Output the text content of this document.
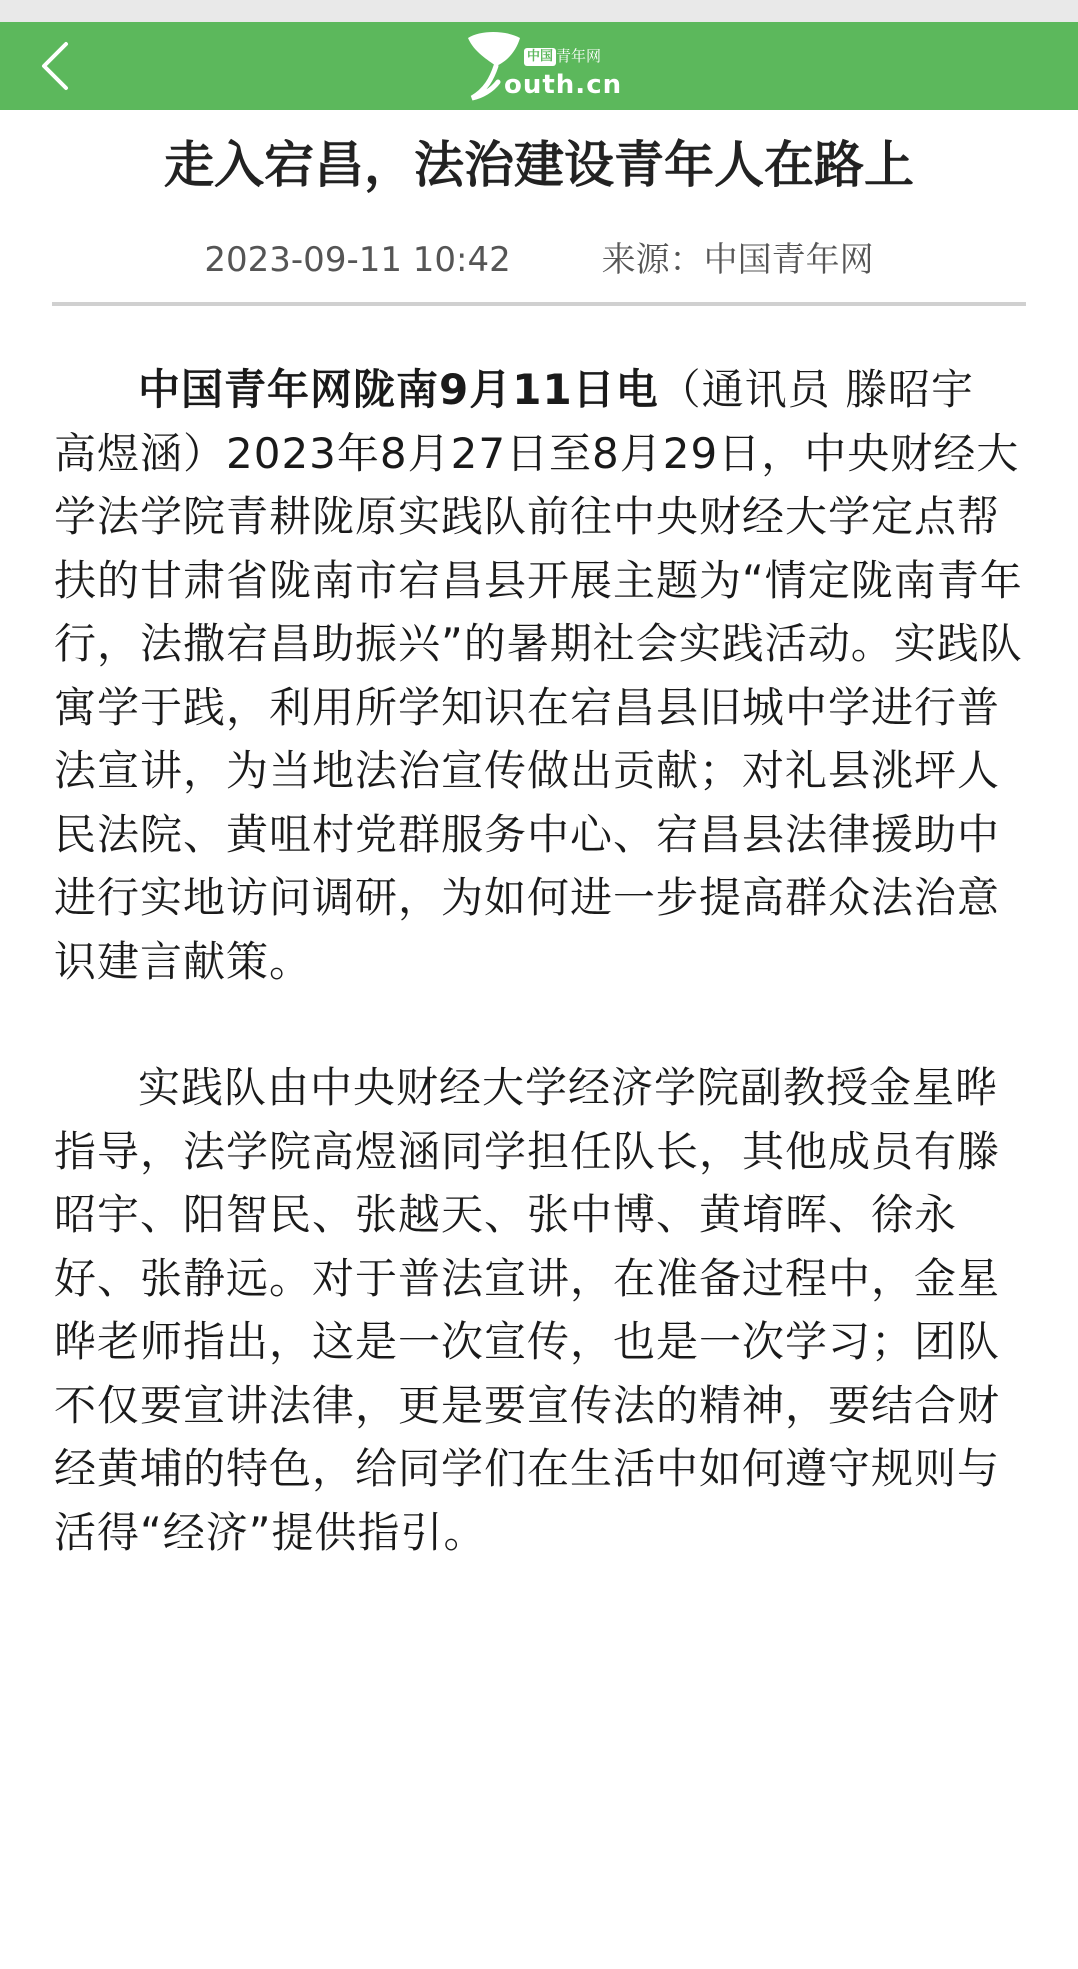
中国 青年网
outh.cn
走入宕昌，法治建设青年人在路上
2023-09-11 10:42	来源：中国青年网

中国青年网陇南9月11日电（通讯员 滕昭宇 高煜涵）2023年8月27日至8月29日，中央财经大学法学院青耕陇原实践队前往中央财经大学定点帮扶的甘肃省陇南市宕昌县开展主题为“情定陇南青年行，法撒宕昌助振兴”的暑期社会实践活动。实践队寓学于践，利用所学知识在宕昌县旧城中学进行普法宣讲，为当地法治宣传做出贡献；对礼县洮坪人民法院、黄咀村党群服务中心、宕昌县法律援助中进行实地访问调研，为如何进一步提高群众法治意识建言献策。

实践队由中央财经大学经济学院副教授金星晔指导，法学院高煜涵同学担任队长，其他成员有滕昭宇、阳智民、张越天、张中博、黄堉晖、徐永好、张静远。对于普法宣讲，在准备过程中，金星晔老师指出，这是一次宣传，也是一次学习；团队不仅要宣讲法律，更是要宣传法的精神，要结合财经黄埔的特色，给同学们在生活中如何遵守规则与活得“经济”提供指引。
